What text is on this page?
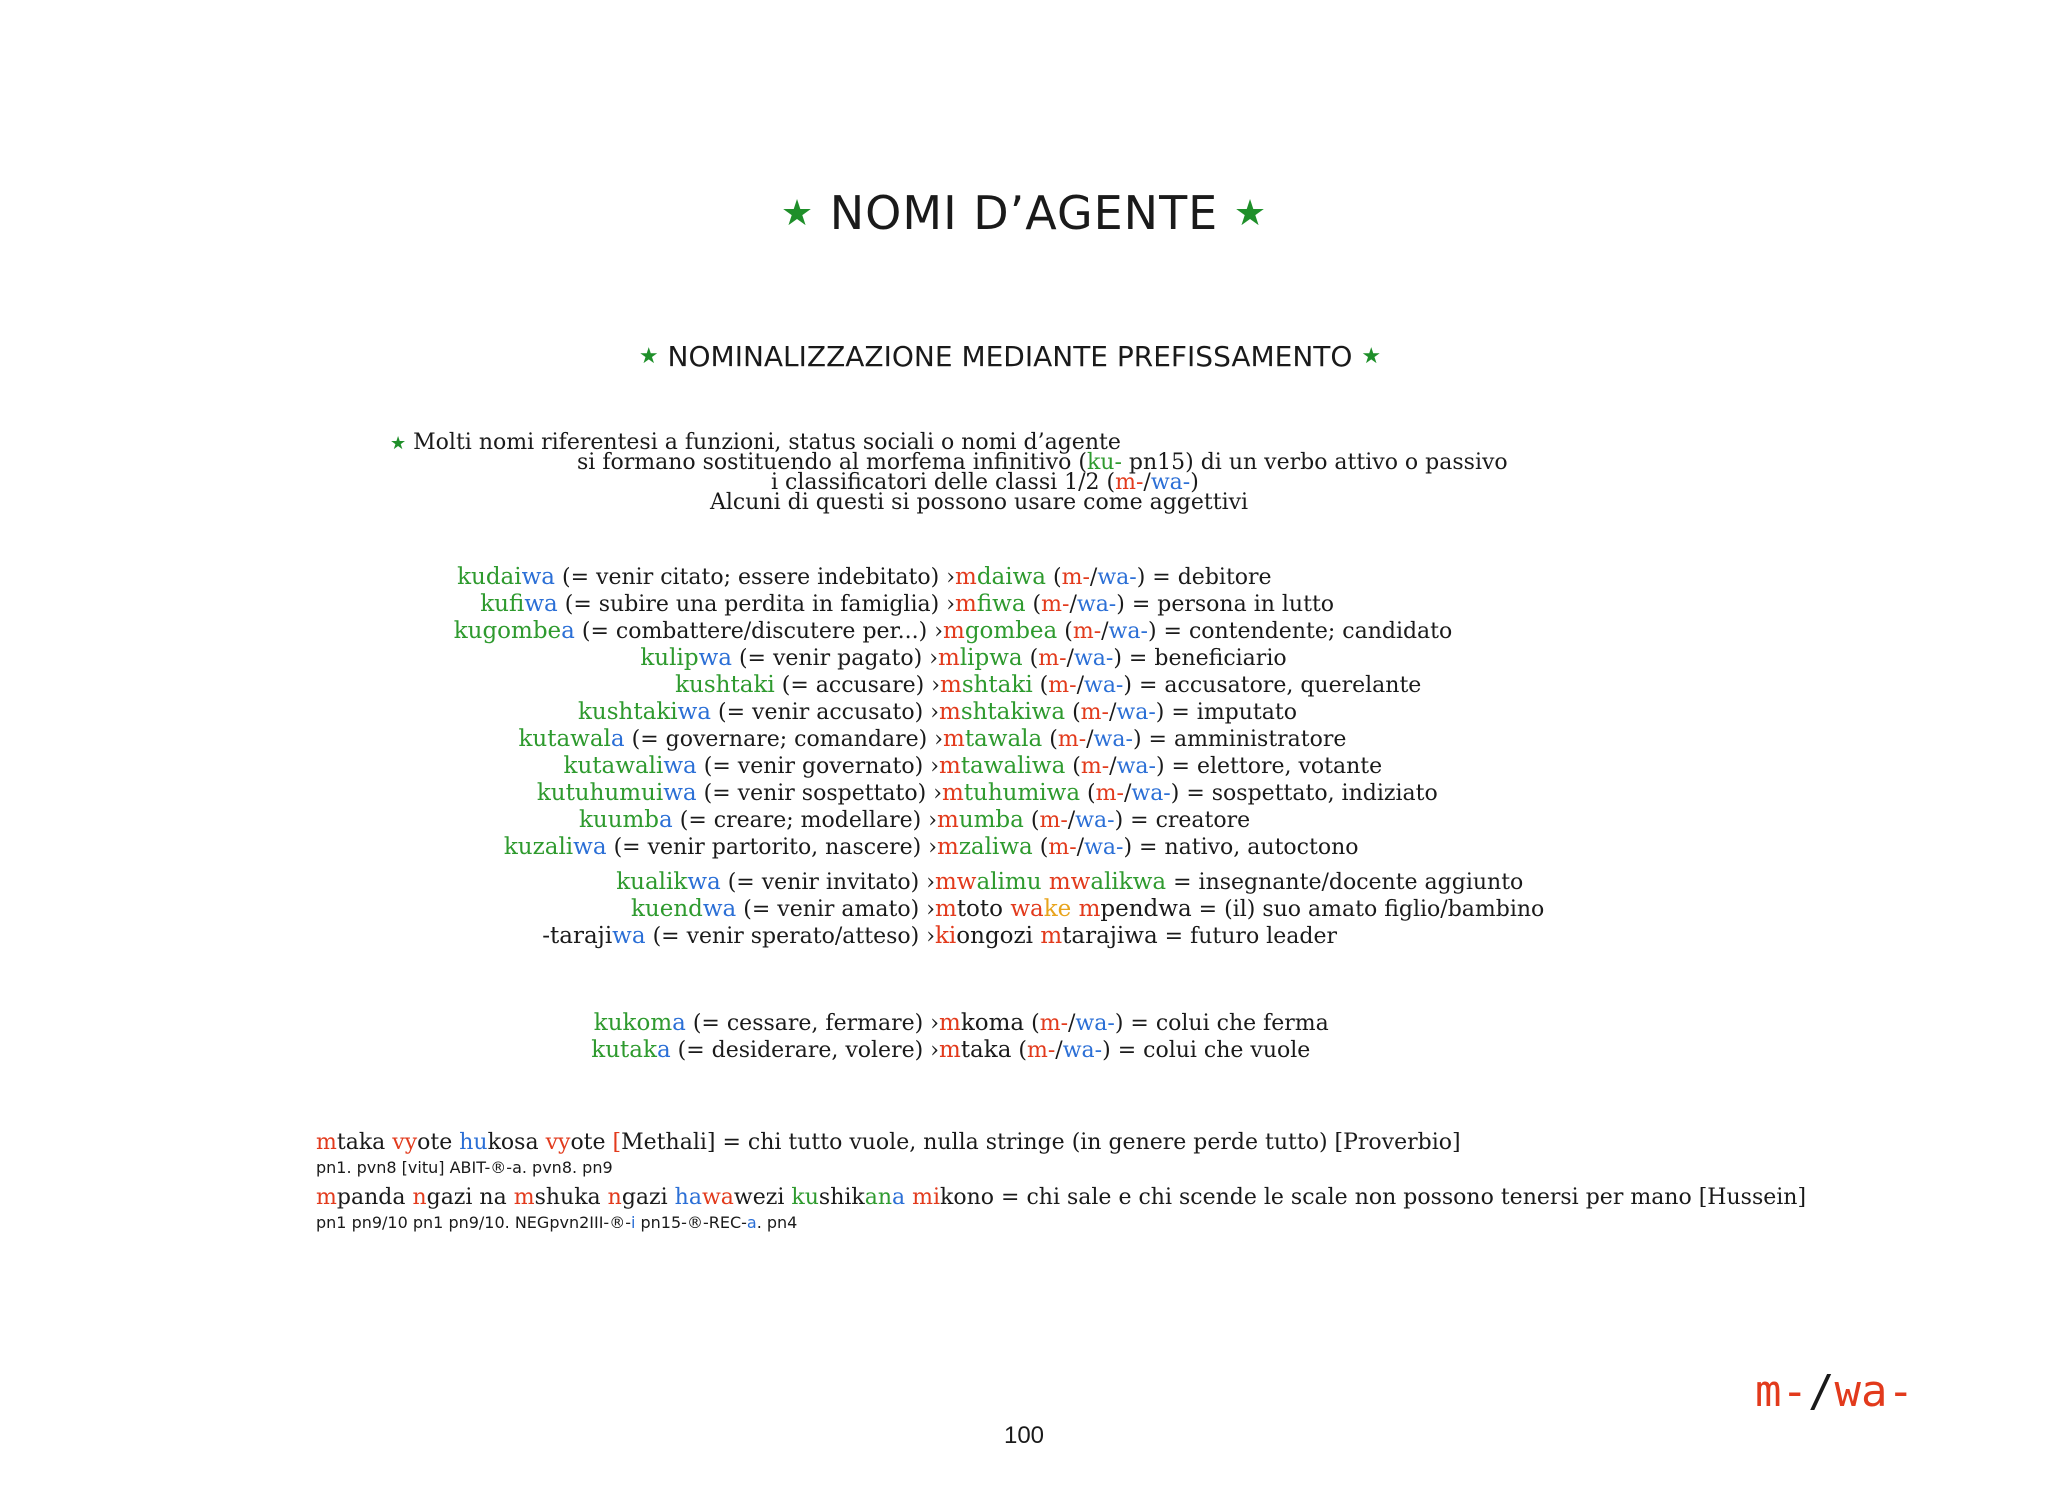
★ NOMI D’AGENTE ★
★ NOMINALIZZAZIONE MEDIANTE PREFISSAMENTO ★
★ Molti nomi riferentesi a funzioni, status sociali o nomi d’agente
si formano sostituendo al morfema infinitivo (ku- pn15) di un verbo attivo o passivo
i classificatori delle classi 1/2 (m-/wa-)
Alcuni di questi si possono usare come aggettivi
kudaiwa (= venir citato; essere indebitato) › mdaiwa (m-/wa-) = debitore
kufiwa (= subire una perdita in famiglia) › mfiwa (m-/wa-) = persona in lutto
kugombea (= combattere/discutere per...) › mgombea (m-/wa-) = contendente; candidato
kulipwa (= venir pagato) › mlipwa (m-/wa-) = beneficiario
kushtaki (= accusare) › mshtaki (m-/wa-) = accusatore, querelante
kushtakiwa (= venir accusato) › mshtakiwa (m-/wa-) = imputato
kutawala (= governare; comandare) › mtawala (m-/wa-) = amministratore
kutawaliwa (= venir governato) › mtawaliwa (m-/wa-) = elettore, votante
kutuhumuiwa (= venir sospettato) › mtuhumiwa (m-/wa-) = sospettato, indiziato
kuumba (= creare; modellare) › mumba (m-/wa-) = creatore
kuzaliwa (= venir partorito, nascere) › mzaliwa (m-/wa-) = nativo, autoctono
kualikwa (= venir invitato) › mwalimu mwalikwa = insegnante/docente aggiunto
kuendwa (= venir amato) › mtoto wake mpendwa = (il) suo amato figlio/bambino
-tarajiwa (= venir sperato/atteso) › kiongozi mtarajiwa = futuro leader
kukoma (= cessare, fermare) › mkoma (m-/wa-) = colui che ferma
kutaka (= desiderare, volere) › mtaka (m-/wa-) = colui che vuole
mtaka vyote hukosa vyote [Methali] = chi tutto vuole, nulla stringe (in genere perde tutto) [Proverbio]
pn1. pvn8 [vitu] ABIT-®-a. pvn8. pn9
mpanda ngazi na mshuka ngazi hawawezi kushikana mikono = chi sale e chi scende le scale non possono tenersi per mano [Hussein]
pn1 pn9/10 pn1 pn9/10. NEGpvn2III-®-i pn15-®-REC-a. pn4
100
m-/wa-
